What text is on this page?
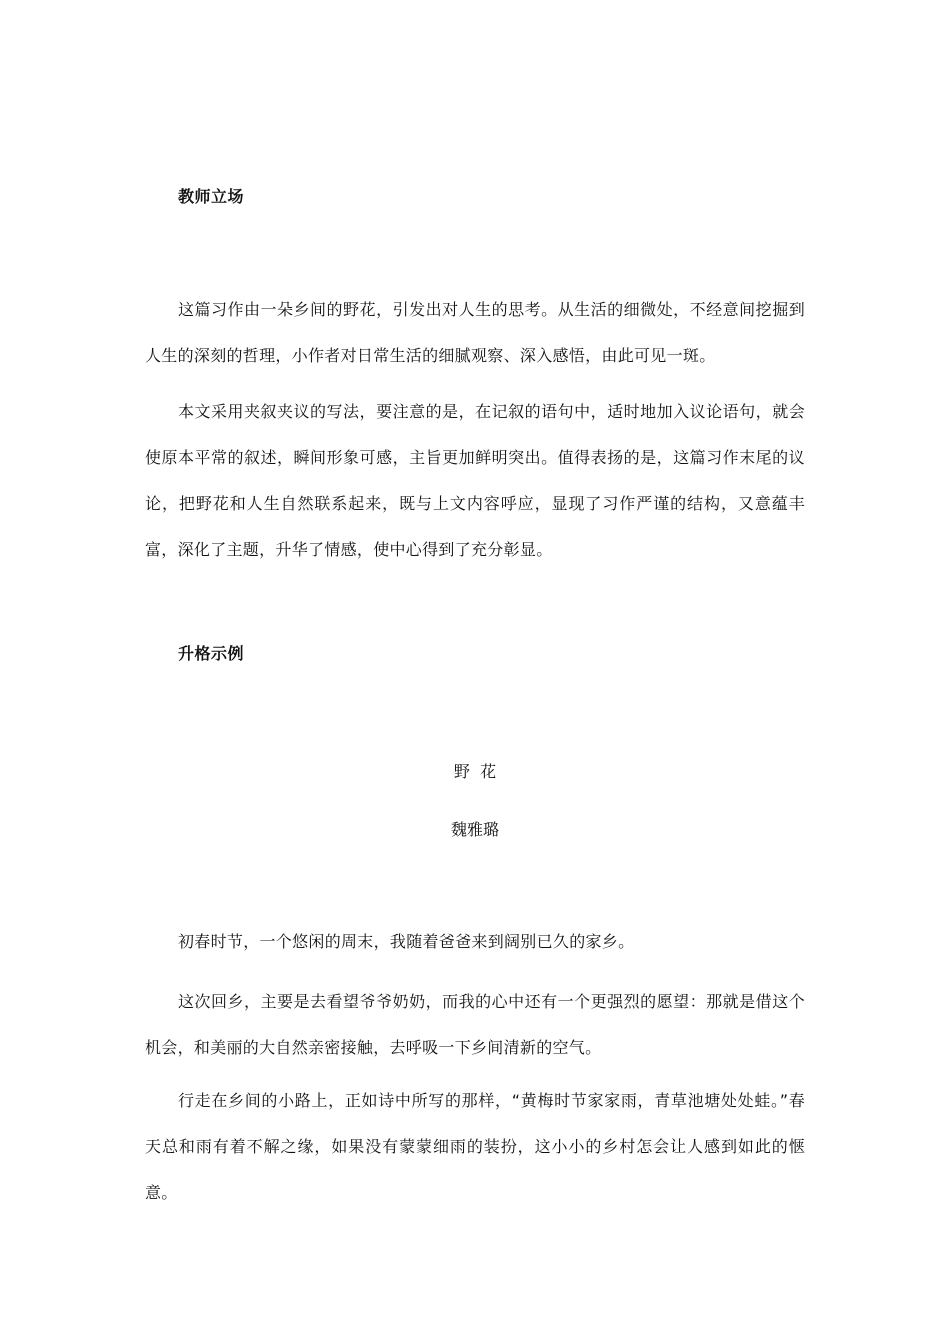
教师立场

这篇习作由一朵乡间的野花，引发出对人生的思考。从生活的细微处，不经意间挖掘到人生的深刻的哲理，小作者对日常生活的细腻观察、深入感悟，由此可见一斑。

本文采用夹叙夹议的写法，要注意的是，在记叙的语句中，适时地加入议论语句，就会使原本平常的叙述，瞬间形象可感，主旨更加鲜明突出。值得表扬的是，这篇习作末尾的议论，把野花和人生自然联系起来，既与上文内容呼应，显现了习作严谨的结构，又意蕴丰富，深化了主题，升华了情感，使中心得到了充分彰显。

升格示例

野  花

魏雅璐

初春时节，一个悠闲的周末，我随着爸爸来到阔别已久的家乡。

这次回乡，主要是去看望爷爷奶奶，而我的心中还有一个更强烈的愿望：那就是借这个机会，和美丽的大自然亲密接触，去呼吸一下乡间清新的空气。

行走在乡间的小路上，正如诗中所写的那样，“黄梅时节家家雨，青草池塘处处蛙。”春天总和雨有着不解之缘，如果没有蒙蒙细雨的装扮，这小小的乡村怎会让人感到如此的惬意。
